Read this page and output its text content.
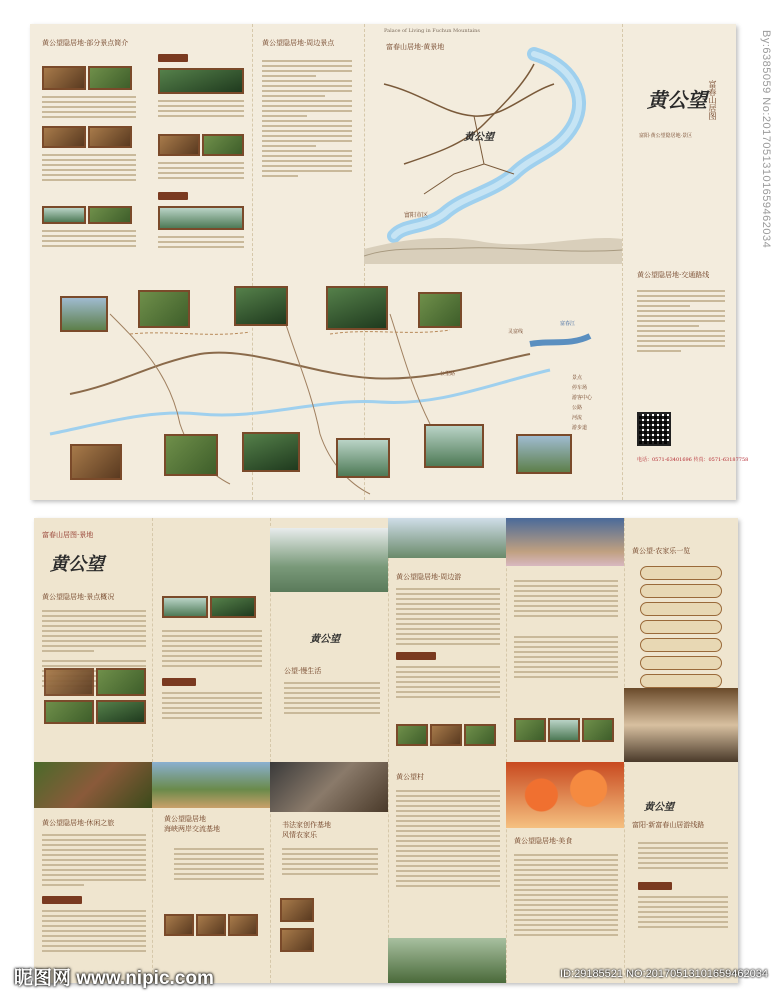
By:6385059 No:20170513101659462034
黄公望隐居地·部分景点简介	黄公望隐居地·周边景点
Palace of Living in Fuchun Mountains
富春山居地·黄景地
黄公望
富阳市区
黄公望 富春山居图
富阳·黄公望隐居地·景区
黄公望隐居地·交通路线
电话：0571-63401696 传真：0571-63187758
灵富线
公望路
富春江
景点
停车场
游客中心
公路
河流
游步道
富春山居图·景地
黄公望
黄公望隐居地·景点概况
黄公望隐居地·休闲之旅	黄公望隐居地
海峡两岸交流基地
黄公望
公望·慢生活
书法家创作基地
风情农家乐
黄公望隐居地·周边游
黄公望村
黄公望隐居地·美食
黄公望·农家乐一览
黄公望
富阳·新富春山居游线路
昵图网 www.nipic.com	ID:29185521 NO:20170513101659462034
